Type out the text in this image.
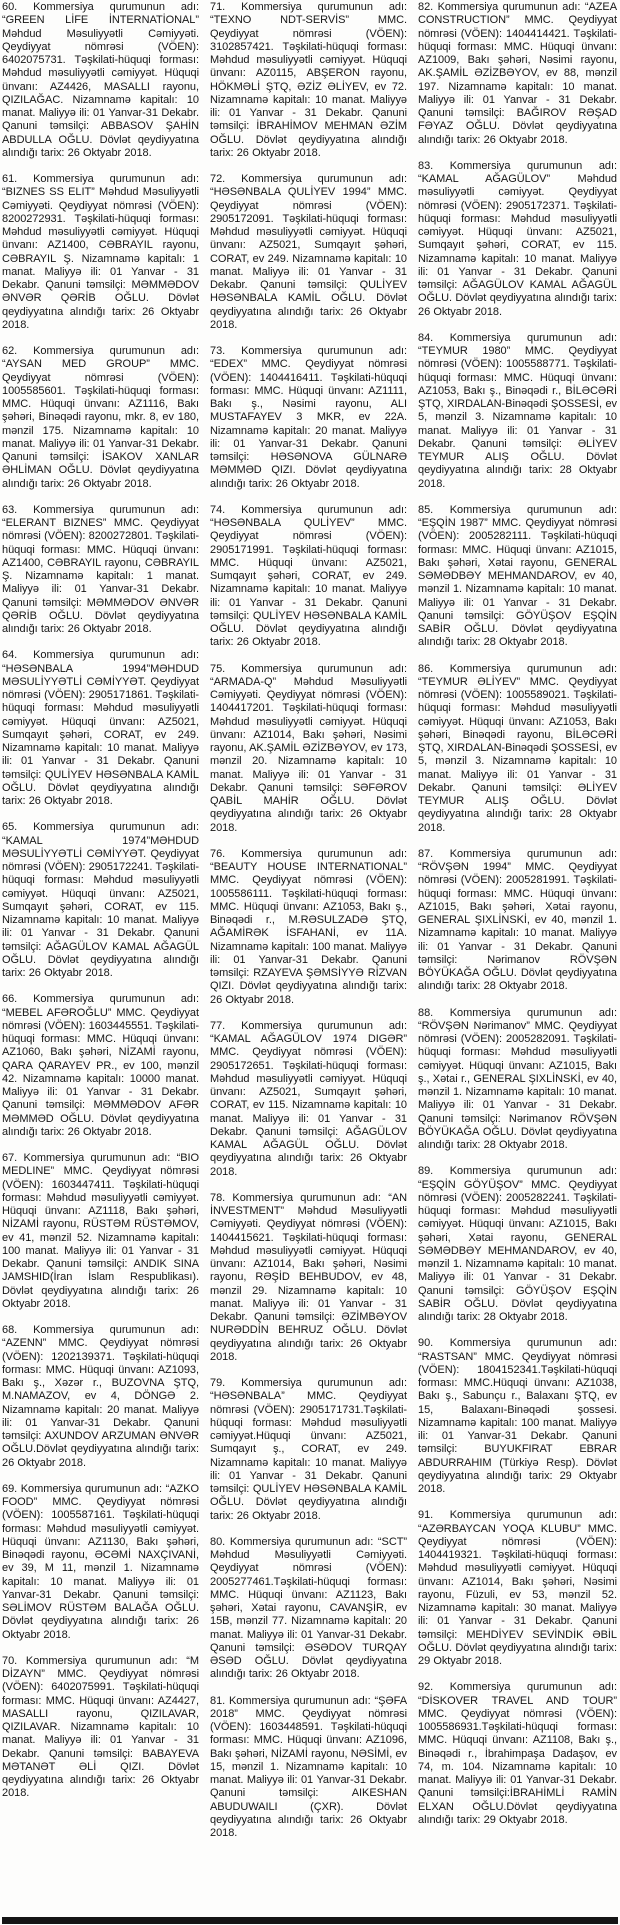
60. Kommersiya qurumunun adı: “GREEN LİFE İNTERNATİONAL” Məhdud Məsuliyyətli Cəmiyyəti. Qeydiyyat nömrəsi (VÖEN): 6402075731. Təşkilati-hüquqi forması: Məhdud məsuliyyətli cəmiyyət. Hüquqi ünvanı: AZ4426, MASALLI rayonu, QIZILAĞAC. Nizamnamə kapitalı: 10 manat. Maliyyə ili: 01 Yanvar-31 Dekabr. Qanuni təmsilçi: ABBASOV ŞAHİN ABDULLA OĞLU. Dövlət qeydiyyatına alındığı tarix: 26 Oktyabr 2018.

61. Kommersiya qurumunun adı: “BIZNES SS ELIT” Məhdud Məsuliyyətli Cəmiyyəti. Qeydiyyat nömrəsi (VÖEN): 8200272931. Təşkilati-hüquqi forması: Məhdud məsuliyyətli cəmiyyət. Hüquqi ünvanı: AZ1400, CƏBRAYIL rayonu, CƏBRAYIL Ş. Nizamnamə kapitalı: 1 manat. Maliyyə ili: 01 Yanvar - 31 Dekabr. Qanuni təmsilçi: MƏMMƏDOV ƏNVƏR QƏRİB OĞLU. Dövlət qeydiyyatına alındığı tarix: 26 Oktyabr 2018.

62. Kommersiya qurumunun adı: “AYSAN MED GROUP” MMC. Qeydiyyat nömrəsi (VÖEN): 1005585601. Təşkilati-hüquqi forması: MMC. Hüquqi ünvanı: AZ1116, Bakı şəhəri, Binəqədi rayonu, mkr. 8, ev 180, mənzil 175. Nizamnamə kapitalı: 10 manat. Maliyyə ili: 01 Yanvar-31 Dekabr. Qanuni təmsilçi: İSAKOV XANLAR ƏHLİMAN OĞLU. Dövlət qeydiyyatına alındığı tarix: 26 Oktyabr 2018.

63. Kommersiya qurumunun adı: “ELERANT BIZNES” MMC. Qeydiyyat nömrəsi (VÖEN): 8200272801. Təşkilati-hüquqi forması: MMC. Hüquqi ünvanı: AZ1400, CƏBRAYIL rayonu, CƏBRAYIL Ş. Nizamnamə kapitalı: 1 manat. Maliyyə ili: 01 Yanvar-31 Dekabr. Qanuni təmsilçi: MƏMMƏDOV ƏNVƏR QƏRİB OĞLU. Dövlət qeydiyyatına alındığı tarix: 26 Oktyabr 2018.

64. Kommersiya qurumunun adı: “HƏSƏNBALA 1994”MƏHDUD MƏSULİYYƏTLİ CƏMİYYƏT. Qeydiyyat nömrəsi (VÖEN): 2905171861. Təşkilati-hüquqi forması: Məhdud məsuliyyətli cəmiyyət. Hüquqi ünvanı: AZ5021, Sumqayıt şəhəri, CORAT, ev 249. Nizamnamə kapitalı: 10 manat. Maliyyə ili: 01 Yanvar - 31 Dekabr. Qanuni təmsilçi: QULİYEV HƏSƏNBALA KAMİL OĞLU. Dövlət qeydiyyatına alındığı tarix: 26 Oktyabr 2018.

65. Kommersiya qurumunun adı: “KAMAL 1974”MƏHDUD MƏSULİYYƏTLİ CƏMİYYƏT. Qeydiyyat nömrəsi (VÖEN): 2905172241. Təşkilati-hüquqi forması: Məhdud məsuliyyətli cəmiyyət. Hüquqi ünvanı: AZ5021, Sumqayıt şəhəri, CORAT, ev 115. Nizamnamə kapitalı: 10 manat. Maliyyə ili: 01 Yanvar - 31 Dekabr. Qanuni təmsilçi: AĞAGÜLOV KAMAL AĞAGÜL OĞLU. Dövlət qeydiyyatına alındığı tarix: 26 Oktyabr 2018.

66. Kommersiya qurumunun adı: “MEBEL AFƏROĞLU” MMC. Qeydiyyat nömrəsi (VÖEN): 1603445551. Təşkilati-hüquqi forması: MMC. Hüquqi ünvanı: AZ1060, Bakı şəhəri, NİZAMİ rayonu, QARA QARAYEV PR., ev 100, mənzil 42. Nizamnamə kapitalı: 10000 manat. Maliyyə ili: 01 Yanvar - 31 Dekabr. Qanuni təmsilçi: MƏMMƏDOV AFƏR MƏMMƏD OĞLU. Dövlət qeydiyyatına alındığı tarix: 26 Oktyabr 2018.

67. Kommersiya qurumunun adı: “BIO MEDLINE” MMC. Qeydiyyat nömrəsi (VÖEN): 1603447411. Təşkilati-hüquqi forması: Məhdud məsuliyyətli cəmiyyət. Hüquqi ünvanı: AZ1118, Bakı şəhəri, NİZAMİ rayonu, RÜSTƏM RÜSTƏMOV, ev 41, mənzil 52. Nizamnamə kapitalı: 100 manat. Maliyyə ili: 01 Yanvar - 31 Dekabr. Qanuni təmsilçi: ANDIK SINA JAMSHID(İran İslam Respublikası). Dövlət qeydiyyatına alındığı tarix: 26 Oktyabr 2018.

68. Kommersiya qurumunun adı: “AZENN” MMC. Qeydiyyat nömrəsi (VÖEN): 1202139371. Təşkilati-hüquqi forması: MMC. Hüquqi ünvanı: AZ1093, Bakı ş., Xəzər r., BUZOVNA ŞTQ, M.NAMAZOV, ev 4, DÖNGƏ 2. Nizamnamə kapitalı: 20 manat. Maliyyə ili: 01 Yanvar-31 Dekabr. Qanuni təmsilçi: AXUNDOV ARZUMAN ƏNVƏR OĞLU.Dövlət qeydiyyatına alındığı tarix: 26 Oktyabr 2018.

69. Kommersiya qurumunun adı: “AZKO FOOD” MMC. Qeydiyyat nömrəsi (VÖEN): 1005587161. Təşkilati-hüquqi forması: Məhdud məsuliyyətli cəmiyyət. Hüquqi ünvanı: AZ1130, Bakı şəhəri, Binəqədi rayonu, ƏCƏMİ NAXÇIVANİ, ev 39, M 11, mənzil 1. Nizamnamə kapitalı: 10 manat. Maliyyə ili: 01 Yanvar-31 Dekabr. Qanuni təmsilçi: SƏLİMOV RÜSTƏM BALAĞA OĞLU. Dövlət qeydiyyatına alındığı tarix: 26 Oktyabr 2018.

70. Kommersiya qurumunun adı: “M DİZAYN” MMC. Qeydiyyat nömrəsi (VÖEN): 6402075991. Təşkilati-hüquqi forması: MMC. Hüquqi ünvanı: AZ4427, MASALLI rayonu, QIZILAVAR, QIZILAVAR. Nizamnamə kapitalı: 10 manat. Maliyyə ili: 01 Yanvar - 31 Dekabr. Qanuni təmsilçi: BABAYEVA MƏTANƏT ƏLİ QIZI. Dövlət qeydiyyatına alındığı tarix: 26 Oktyabr 2018.

71. Kommersiya qurumunun adı: “TEXNO NDT-SERVİS” MMC. Qeydiyyat nömrəsi (VÖEN): 3102857421. Təşkilati-hüquqi forması: Məhdud məsuliyyətli cəmiyyət. Hüquqi ünvanı: AZ0115, ABŞERON rayonu, HÖKMƏLİ ŞTQ, ƏZİZ ƏLİYEV, ev 72. Nizamnamə kapitalı: 10 manat. Maliyyə ili: 01 Yanvar - 31 Dekabr. Qanuni təmsilçi: İBRAHİMOV MEHMAN ƏZİM OĞLU. Dövlət qeydiyyatına alındığı tarix: 26 Oktyabr 2018.

72. Kommersiya qurumunun adı: “HƏSƏNBALA QULİYEV 1994” MMC. Qeydiyyat nömrəsi (VÖEN): 2905172091. Təşkilati-hüquqi forması: Məhdud məsuliyyətli cəmiyyət. Hüquqi ünvanı: AZ5021, Sumqayıt şəhəri, CORAT, ev 249. Nizamnamə kapitalı: 10 manat. Maliyyə ili: 01 Yanvar - 31 Dekabr. Qanuni təmsilçi: QULİYEV HƏSƏNBALA KAMİL OĞLU. Dövlət qeydiyyatına alındığı tarix: 26 Oktyabr 2018.

73. Kommersiya qurumunun adı: “EDEX” MMC. Qeydiyyat nömrəsi (VÖEN): 1404416411. Təşkilati-hüquqi forması: MMC. Hüquqi ünvanı: AZ1111, Bakı ş., Nəsimi rayonu, ALI MUSTAFAYEV 3 MKR, ev 22A. Nizamnamə kapitalı: 20 manat. Maliyyə ili: 01 Yanvar-31 Dekabr. Qanuni təmsilçi: HƏSƏNOVA GÜLNARƏ MƏMMƏD QIZI. Dövlət qeydiyyatına alındığı tarix: 26 Oktyabr 2018.

74. Kommersiya qurumunun adı: “HƏSƏNBALA QULİYEV” MMC. Qeydiyyat nömrəsi (VÖEN): 2905171991. Təşkilati-hüquqi forması: MMC. Hüquqi ünvanı: AZ5021, Sumqayıt şəhəri, CORAT, ev 249. Nizamnamə kapitalı: 10 manat. Maliyyə ili: 01 Yanvar - 31 Dekabr. Qanuni təmsilçi: QULİYEV HƏSƏNBALA KAMİL OĞLU. Dövlət qeydiyyatına alındığı tarix: 26 Oktyabr 2018.

75. Kommersiya qurumunun adı: “ARMADA-Q” Məhdud Məsuliyyətli Cəmiyyəti. Qeydiyyat nömrəsi (VÖEN): 1404417201. Təşkilati-hüquqi forması: Məhdud məsuliyyətli cəmiyyət. Hüquqi ünvanı: AZ1014, Bakı şəhəri, Nəsimi rayonu, AK.ŞAMİL ƏZİZBƏYOV, ev 173, mənzil 20. Nizamnamə kapitalı: 10 manat. Maliyyə ili: 01 Yanvar - 31 Dekabr. Qanuni təmsilçi: SƏFƏROV QABİL MAHİR OĞLU. Dövlət qeydiyyatına alındığı tarix: 26 Oktyabr 2018.

76. Kommersiya qurumunun adı: “BEAUTY HOUSE INTERNATIONAL” MMC. Qeydiyyat nömrəsi (VÖEN): 1005586111. Təşkilati-hüquqi forması: MMC. Hüquqi ünvanı: AZ1053, Bakı ş., Binəqədi r., M.RƏSULZADƏ ŞTQ, AĞAMİRƏK İSFAHANİ, ev 11A. Nizamnamə kapitalı: 100 manat. Maliyyə ili: 01 Yanvar-31 Dekabr. Qanuni təmsilçi: RZAYEVA ŞƏMSİYYƏ RİZVAN QIZI. Dövlət qeydiyyatına alındığı tarix: 26 Oktyabr 2018.

77. Kommersiya qurumunun adı: “KAMAL AĞAGÜLOV 1974 DIGƏR” MMC. Qeydiyyat nömrəsi (VÖEN): 2905172651. Təşkilati-hüquqi forması: Məhdud məsuliyyətli cəmiyyət. Hüquqi ünvanı: AZ5021, Sumqayıt şəhəri, CORAT, ev 115. Nizamnamə kapitalı: 10 manat. Maliyyə ili: 01 Yanvar - 31 Dekabr. Qanuni təmsilçi: AĞAGÜLOV KAMAL AĞAGÜL OĞLU. Dövlət qeydiyyatına alındığı tarix: 26 Oktyabr 2018.

78. Kommersiya qurumunun adı: “AN İNVESTMENT” Məhdud Məsuliyyətli Cəmiyyəti. Qeydiyyat nömrəsi (VÖEN): 1404415621. Təşkilati-hüquqi forması: Məhdud məsuliyyətli cəmiyyət. Hüquqi ünvanı: AZ1014, Bakı şəhəri, Nəsimi rayonu, RƏŞİD BEHBUDOV, ev 48, mənzil 29. Nizamnamə kapitalı: 10 manat. Maliyyə ili: 01 Yanvar - 31 Dekabr. Qanuni təmsilçi: ƏZİMBƏYOV NURƏDDİN BEHRUZ OĞLU. Dövlət qeydiyyatına alındığı tarix: 26 Oktyabr 2018.

79. Kommersiya qurumunun adı: “HƏSƏNBALA” MMC. Qeydiyyat nömrəsi (VÖEN): 2905171731.Təşkilati-hüquqi forması: Məhdud məsuliyyətli cəmiyyət.Hüquqi ünvanı: AZ5021, Sumqayıt ş., CORAT, ev 249. Nizamnamə kapitalı: 10 manat. Maliyyə ili: 01 Yanvar - 31 Dekabr. Qanuni təmsilçi: QULİYEV HƏSƏNBALA KAMİL OĞLU. Dövlət qeydiyyatına alındığı tarix: 26 Oktyabr 2018.

80. Kommersiya qurumunun adı: “SCT” Məhdud Məsuliyyətli Cəmiyyəti. Qeydiyyat nömrəsi (VÖEN): 2005277461.Təşkilati-hüquqi forması: MMC. Hüquqi ünvanı: AZ1123, Bakı şəhəri, Xətai rayonu, CAVANŞİR, ev 15B, mənzil 77. Nizamnamə kapitalı: 20 manat. Maliyyə ili: 01 Yanvar-31 Dekabr. Qanuni təmsilçi: ƏSƏDOV TURQAY ƏSƏD OĞLU. Dövlət qeydiyyatına alındığı tarix: 26 Oktyabr 2018.

81. Kommersiya qurumunun adı: “ŞƏFA 2018” MMC. Qeydiyyat nömrəsi (VÖEN): 1603448591. Təşkilati-hüquqi forması: MMC. Hüquqi ünvanı: AZ1096, Bakı şəhəri, NİZAMİ rayonu, NƏSİMİ, ev 15, mənzil 1. Nizamnamə kapitalı: 10 manat. Maliyyə ili: 01 Yanvar-31 Dekabr. Qanuni təmsilçi: AIKESHAN ABUDUWAILI (ÇXR). Dövlət qeydiyyatına alındığı tarix: 26 Oktyabr 2018.

82. Kommersiya qurumunun adı: “AZEA CONSTRUCTION” MMC. Qeydiyyat nömrəsi (VÖEN): 1404414421. Təşkilati-hüquqi forması: MMC. Hüquqi ünvanı: AZ1009, Bakı şəhəri, Nəsimi rayonu, AK.ŞAMİL ƏZİZBƏYOV, ev 88, mənzil 197. Nizamnamə kapitalı: 10 manat. Maliyyə ili: 01 Yanvar - 31 Dekabr. Qanuni təmsilçi: BAĞIROV RƏŞAD FƏYAZ OĞLU. Dövlət qeydiyyatına alındığı tarix: 26 Oktyabr 2018.

83. Kommersiya qurumunun adı: “KAMAL AĞAGÜLOV” Məhdud məsuliyyətli cəmiyyət. Qeydiyyat nömrəsi (VÖEN): 2905172371. Təşkilati-hüquqi forması: Məhdud məsuliyyətli cəmiyyət. Hüquqi ünvanı: AZ5021, Sumqayıt şəhəri, CORAT, ev 115. Nizamnamə kapitalı: 10 manat. Maliyyə ili: 01 Yanvar - 31 Dekabr. Qanuni təmsilçi: AĞAGÜLOV KAMAL AĞAGÜL OĞLU. Dövlət qeydiyyatına alındığı tarix: 26 Oktyabr 2018.

84. Kommersiya qurumunun adı: “TEYMUR 1980” MMC. Qeydiyyat nömrəsi (VÖEN): 1005588771. Təşkilati-hüquqi forması: MMC. Hüquqi ünvanı: AZ1053, Bakı ş., Binəqədi r., BİLƏCƏRİ ŞTQ, XIRDALAN-Binəqədi ŞOSSESİ, ev 5, mənzil 3. Nizamnamə kapitalı: 10 manat. Maliyyə ili: 01 Yanvar - 31 Dekabr. Qanuni təmsilçi: ƏLİYEV TEYMUR ALIŞ OĞLU. Dövlət qeydiyyatına alındığı tarix: 28 Oktyabr 2018.

85. Kommersiya qurumunun adı: “EŞQİN 1987” MMC. Qeydiyyat nömrəsi (VÖEN): 2005282111. Təşkilati-hüquqi forması: MMC. Hüquqi ünvanı: AZ1015, Bakı şəhəri, Xətai rayonu, GENERAL SƏMƏDBƏY MEHMANDAROV, ev 40, mənzil 1. Nizamnamə kapitalı: 10 manat. Maliyyə ili: 01 Yanvar - 31 Dekabr. Qanuni təmsilçi: GÖYÜŞOV EŞQİN SABİR OĞLU. Dövlət qeydiyyatına alındığı tarix: 28 Oktyabr 2018.

86. Kommersiya qurumunun adı: “TEYMUR ƏLİYEV” MMC. Qeydiyyat nömrəsi (VÖEN): 1005589021. Təşkilati-hüquqi forması: Məhdud məsuliyyətli cəmiyyət. Hüquqi ünvanı: AZ1053, Bakı şəhəri, Binəqədi rayonu, BİLƏCƏRİ ŞTQ, XIRDALAN-Binəqədi ŞOSSESİ, ev 5, mənzil 3. Nizamnamə kapitalı: 10 manat. Maliyyə ili: 01 Yanvar - 31 Dekabr. Qanuni təmsilçi: ƏLİYEV TEYMUR ALIŞ OĞLU. Dövlət qeydiyyatına alındığı tarix: 28 Oktyabr 2018.

87. Kommersiya qurumunun adı: “RÖVŞƏN 1994” MMC. Qeydiyyat nömrəsi (VÖEN): 2005281991. Təşkilati-hüquqi forması: MMC. Hüquqi ünvanı: AZ1015, Bakı şəhəri, Xətai rayonu, GENERAL ŞIXLİNSKİ, ev 40, mənzil 1. Nizamnamə kapitalı: 10 manat. Maliyyə ili: 01 Yanvar - 31 Dekabr. Qanuni təmsilçi: Nərimanov RÖVŞƏN BÖYÜKAĞA OĞLU. Dövlət qeydiyyatına alındığı tarix: 28 Oktyabr 2018.

88. Kommersiya qurumunun adı: “RÖVŞƏN Nərimanov” MMC. Qeydiyyat nömrəsi (VÖEN): 2005282091. Təşkilati-hüquqi forması: Məhdud məsuliyyətli cəmiyyət. Hüquqi ünvanı: AZ1015, Bakı ş., Xətai r., GENERAL ŞIXLİNSKİ, ev 40, mənzil 1. Nizamnamə kapitalı: 10 manat. Maliyyə ili: 01 Yanvar - 31 Dekabr. Qanuni təmsilçi: Nərimanov RÖVŞƏN BÖYÜKAĞA OĞLU. Dövlət qeydiyyatına alındığı tarix: 28 Oktyabr 2018.

89. Kommersiya qurumunun adı: “EŞQİN GÖYÜŞOV” MMC. Qeydiyyat nömrəsi (VÖEN): 2005282241. Təşkilati-hüquqi forması: Məhdud məsuliyyətli cəmiyyət. Hüquqi ünvanı: AZ1015, Bakı şəhəri, Xətai rayonu, GENERAL SƏMƏDBƏY MEHMANDAROV, ev 40, mənzil 1. Nizamnamə kapitalı: 10 manat. Maliyyə ili: 01 Yanvar - 31 Dekabr. Qanuni təmsilçi: GÖYÜŞOV EŞQİN SABİR OĞLU. Dövlət qeydiyyatına alındığı tarix: 28 Oktyabr 2018.

90. Kommersiya qurumunun adı: “RASTSAN” MMC. Qeydiyyat nömrəsi (VÖEN): 1804152341.Təşkilati-hüquqi forması: MMC.Hüquqi ünvanı: AZ1038, Bakı ş., Sabunçu r., Balaxanı ŞTQ, ev 15, Balaxanı-Binəqədi şossesi. Nizamnamə kapitalı: 100 manat. Maliyyə ili: 01 Yanvar-31 Dekabr. Qanuni təmsilçi: BUYUKFIRAT EBRAR ABDURRAHIM (Türkiyə Resp). Dövlət qeydiyyatına alındığı tarix: 29 Oktyabr 2018.

91. Kommersiya qurumunun adı: “AZƏRBAYCAN YOQA KLUBU” MMC. Qeydiyyat nömrəsi (VÖEN): 1404419321. Təşkilati-hüquqi forması: Məhdud məsuliyyətli cəmiyyət. Hüquqi ünvanı: AZ1014, Bakı şəhəri, Nəsimi rayonu, Füzuli, ev 53, mənzil 52. Nizamnamə kapitalı: 30 manat. Maliyyə ili: 01 Yanvar - 31 Dekabr. Qanuni təmsilçi: MEHDİYEV SEVİNDİK ƏBİL OĞLU. Dövlət qeydiyyatına alındığı tarix: 29 Oktyabr 2018.

92. Kommersiya qurumunun adı: “DİSKOVER TRAVEL AND TOUR” MMC. Qeydiyyat nömrəsi (VÖEN): 1005586931.Təşkilati-hüquqi forması: MMC. Hüquqi ünvanı: AZ1108, Bakı ş., Binəqədi r., İbrahimpaşa Dadaşov, ev 74, m. 104. Nizamnamə kapitalı: 10 manat. Maliyyə ili: 01 Yanvar-31 Dekabr. Qanuni təmsilçi:İBRAHİMLİ RAMİN ELXAN OĞLU.Dövlət qeydiyyatına alındığı tarix: 29 Oktyabr 2018.
